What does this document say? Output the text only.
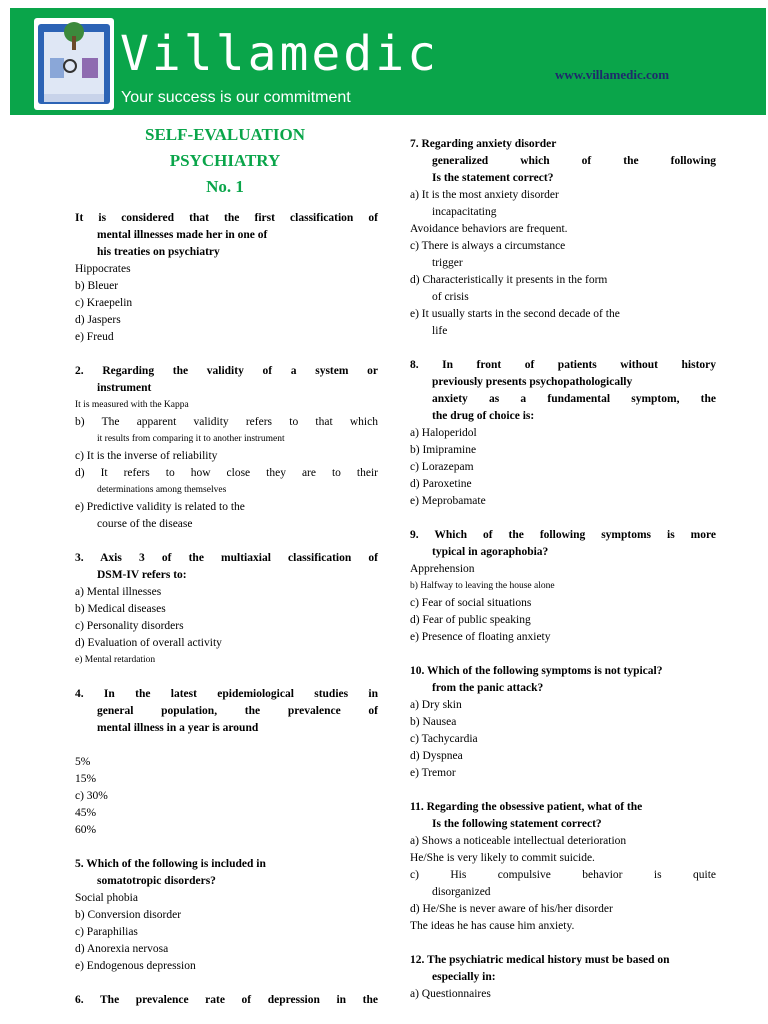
Villamedic
Your success is our commitment
www.villamedic.com
SELF-EVALUATION
PSYCHIATRY
No. 1
It is considered that the first classification of
mental illnesses made her in one of
his treaties on psychiatry
Hippocrates
b) Bleuer
c) Kraepelin
d) Jaspers
e) Freud
2. Regarding the validity of a system or
instrument
It is measured with the Kappa
b) The apparent validity refers to that which
it results from comparing it to another instrument
c) It is the inverse of reliability
d) It refers to how close they are to their
determinations among themselves
e) Predictive validity is related to the
course of the disease
3. Axis 3 of the multiaxial classification of
DSM-IV refers to:
a) Mental illnesses
b) Medical diseases
c) Personality disorders
d) Evaluation of overall activity
e) Mental retardation
4. In the latest epidemiological studies in
general population, the prevalence of
mental illness in a year is around
5%
15%
c) 30%
45%
60%
5. Which of the following is included in
somatotropic disorders?
Social phobia
b) Conversion disorder
c) Paraphilias
d) Anorexia nervosa
e) Endogenous depression
6. The prevalence rate of depression in the
7. Regarding anxiety disorder
generalized which of the following
Is the statement correct?
a) It is the most anxiety disorder
incapacitating
Avoidance behaviors are frequent.
c) There is always a circumstance
trigger
d) Characteristically it presents in the form
of crisis
e) It usually starts in the second decade of the
life
8. In front of patients without history
previously presents psychopathologically
anxiety as a fundamental symptom, the
the drug of choice is:
a) Haloperidol
b) Imipramine
c) Lorazepam
d) Paroxetine
e) Meprobamate
9. Which of the following symptoms is more
typical in agoraphobia?
Apprehension
b) Halfway to leaving the house alone
c) Fear of social situations
d) Fear of public speaking
e) Presence of floating anxiety
10. Which of the following symptoms is not typical?
from the panic attack?
a) Dry skin
b) Nausea
c) Tachycardia
d) Dyspnea
e) Tremor
11. Regarding the obsessive patient, what of the
Is the following statement correct?
a) Shows a noticeable intellectual deterioration
He/She is very likely to commit suicide.
c) His compulsive behavior is quite
disorganized
d) He/She is never aware of his/her disorder
The ideas he has cause him anxiety.
12. The psychiatric medical history must be based on
especially in:
a) Questionnaires
